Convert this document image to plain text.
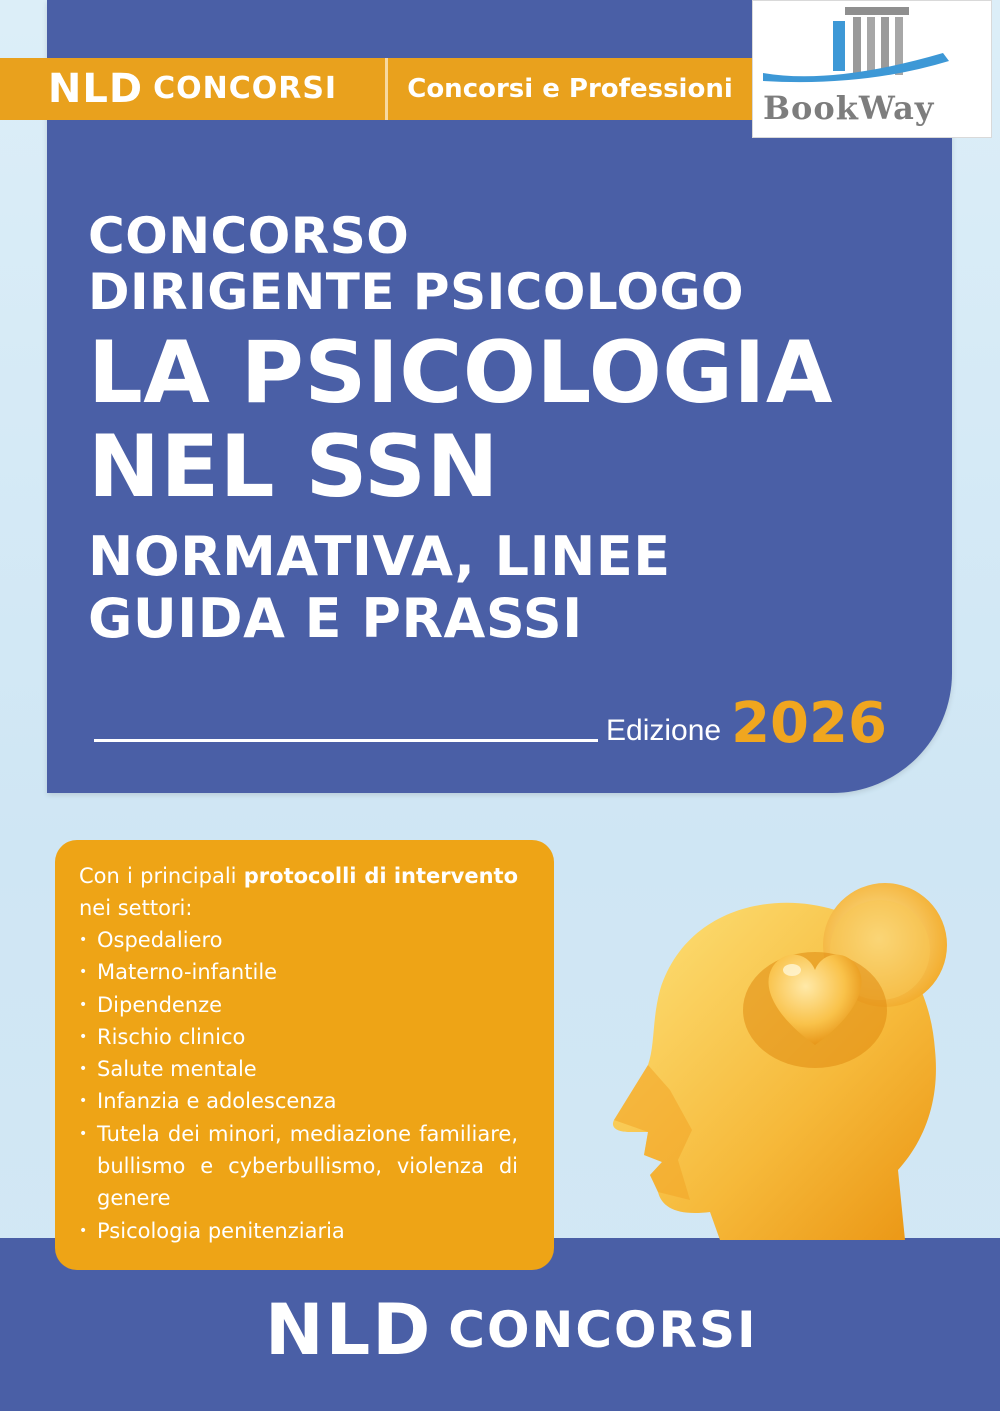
NLD CONCORSI	Concorsi e Professioni BookWay
CONCORSO
DIRIGENTE PSICOLOGO
LA PSICOLOGIA
NEL SSN
NORMATIVA, LINEE
GUIDA E PRASSI
Edizione 2026
NLD CONCORSI

Con i principali protocolli di intervento nei settori:

• Ospedaliero
• Materno-infantile
• Dipendenze
• Rischio clinico
• Salute mentale
• Infanzia e adolescenza
• Tutela dei minori, mediazione familiare, bullismo e cyberbullismo, violenza di genere
• Psicologia penitenziaria
